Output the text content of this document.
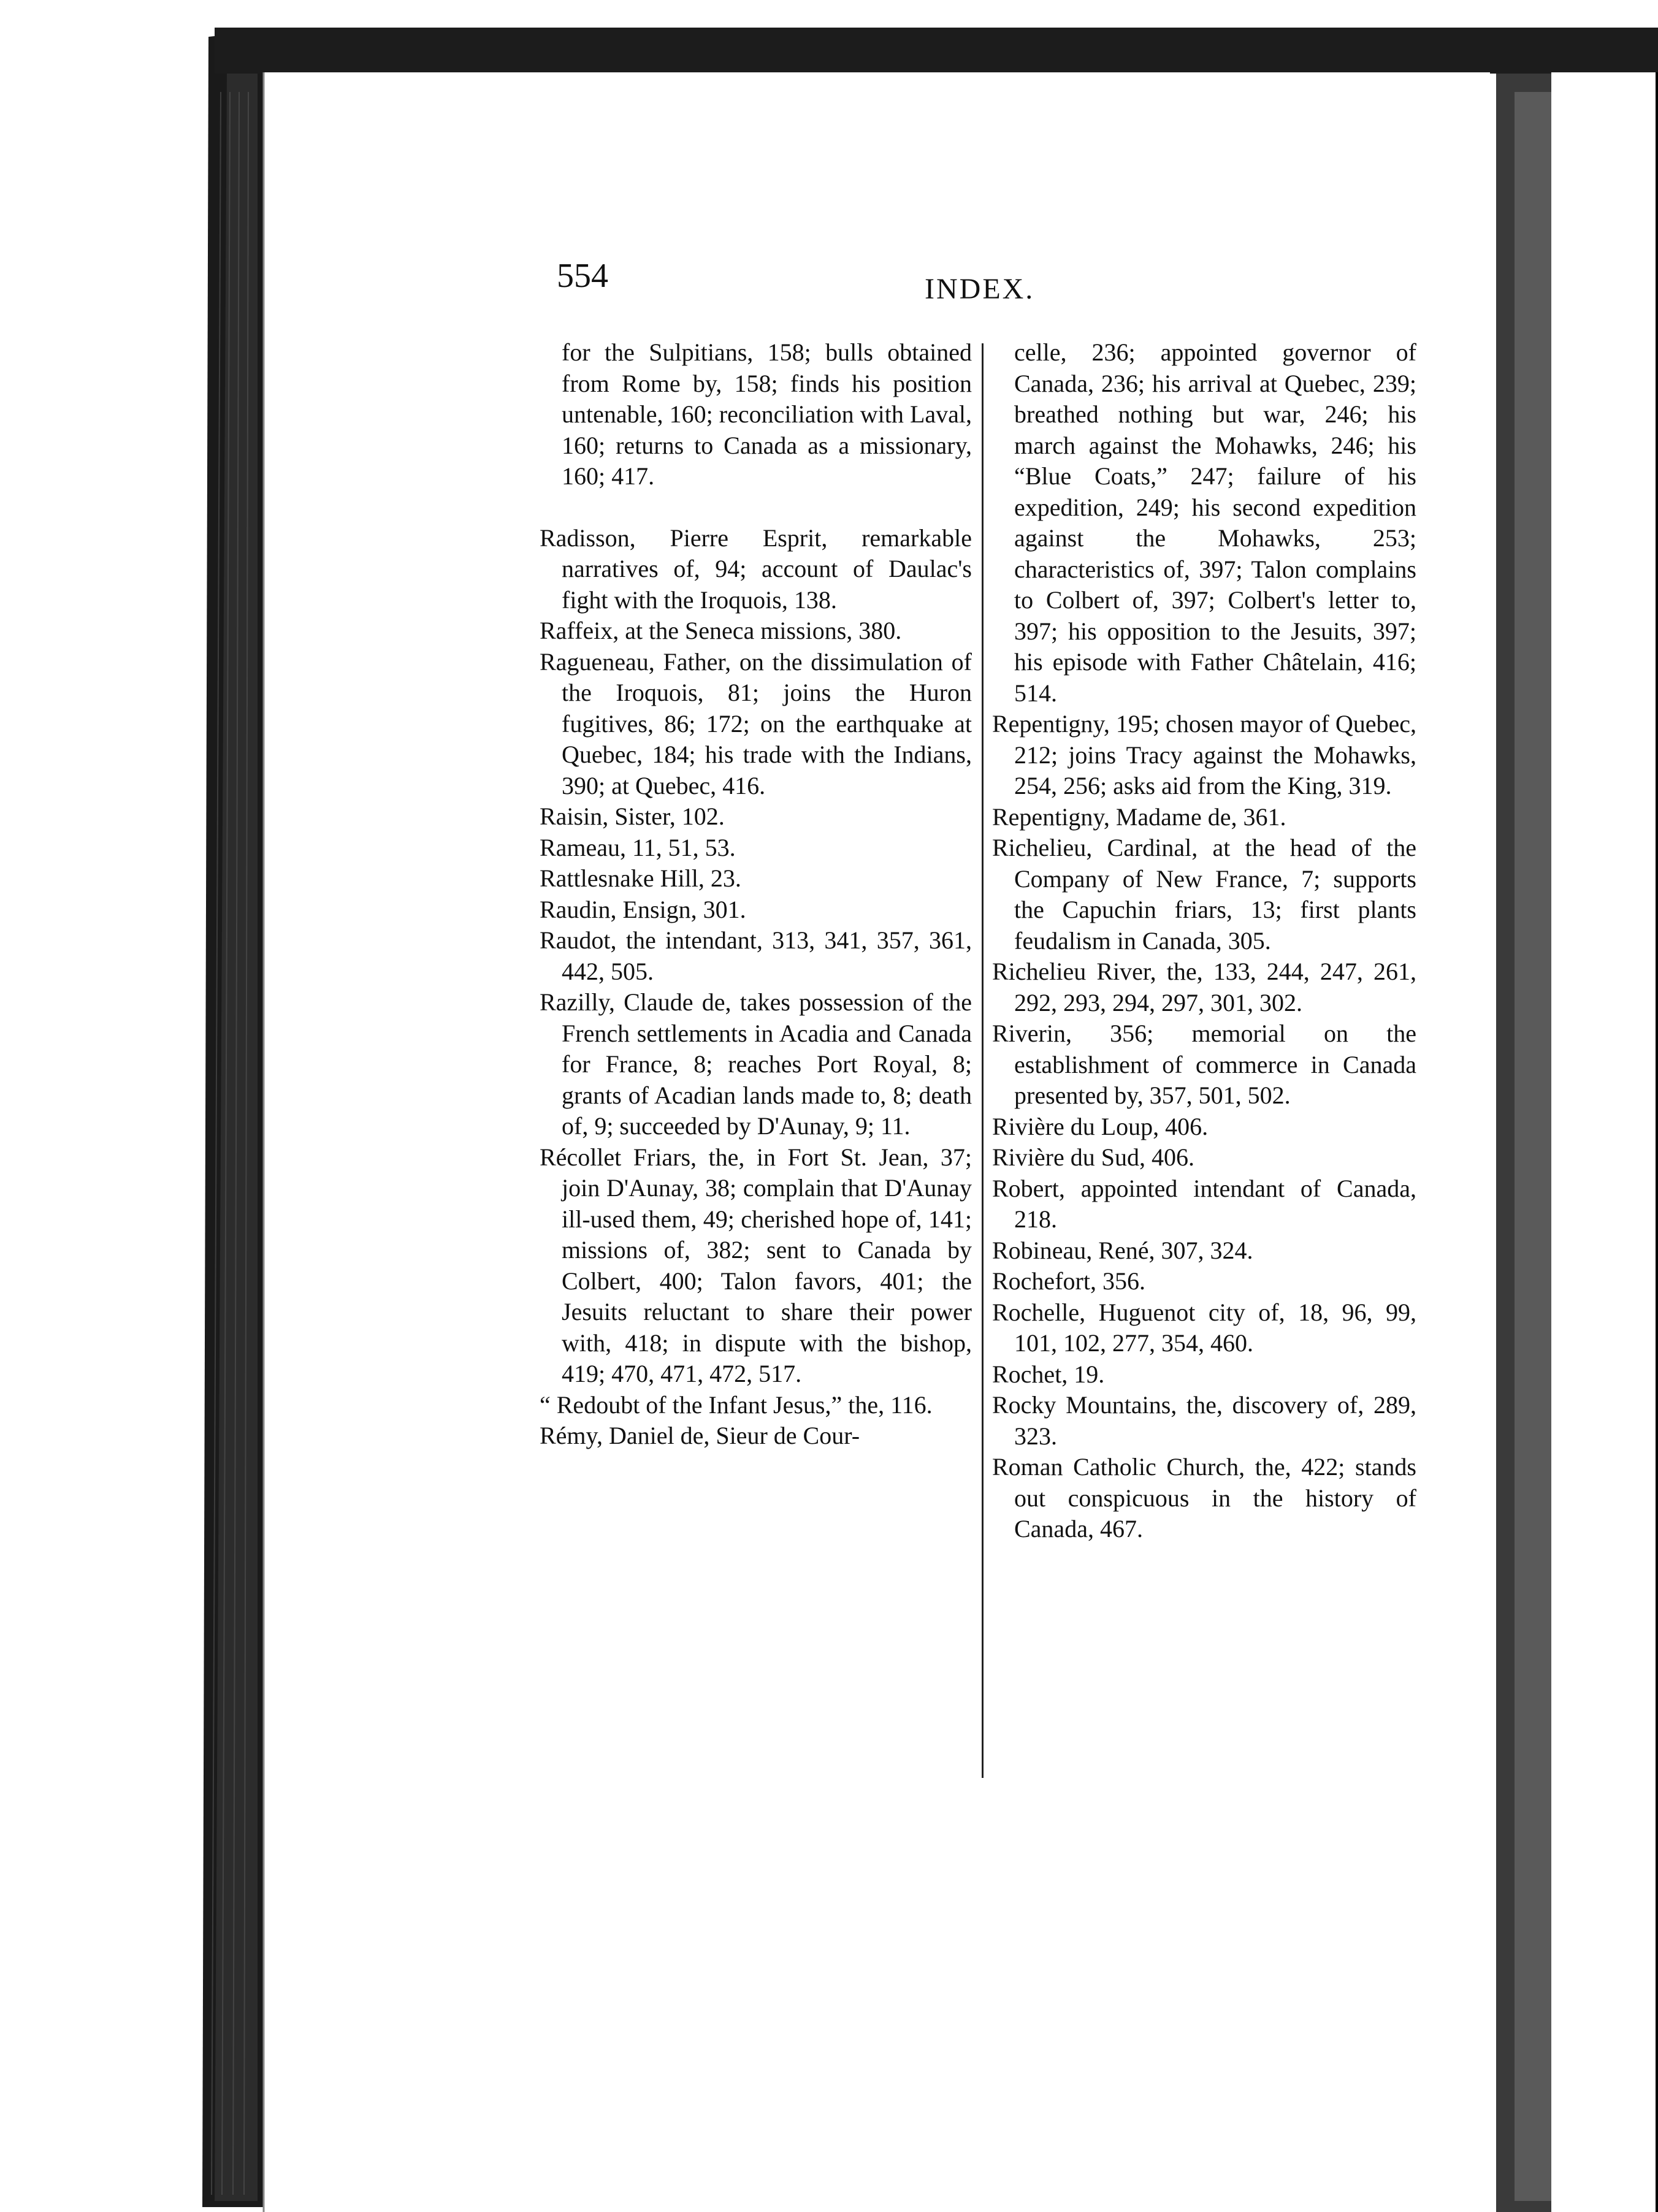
554	INDEX.

for the Sulpitians, 158; bulls obtained from Rome by, 158; finds his position untenable, 160; reconciliation with Laval, 160; returns to Canada as a missionary, 160; 417.

Radisson, Pierre Esprit, remarkable narratives of, 94; account of Daulac's fight with the Iroquois, 138.

Raffeix, at the Seneca missions, 380.

Ragueneau, Father, on the dissimulation of the Iroquois, 81; joins the Huron fugitives, 86; 172; on the earthquake at Quebec, 184; his trade with the Indians, 390; at Quebec, 416.

Raisin, Sister, 102.

Rameau, 11, 51, 53.

Rattlesnake Hill, 23.

Raudin, Ensign, 301.

Raudot, the intendant, 313, 341, 357, 361, 442, 505.

Razilly, Claude de, takes possession of the French settlements in Acadia and Canada for France, 8; reaches Port Royal, 8; grants of Acadian lands made to, 8; death of, 9; succeeded by D'Aunay, 9; 11.

Récollet Friars, the, in Fort St. Jean, 37; join D'Aunay, 38; complain that D'Aunay ill-used them, 49; cherished hope of, 141; missions of, 382; sent to Canada by Colbert, 400; Talon favors, 401; the Jesuits reluctant to share their power with, 418; in dispute with the bishop, 419; 470, 471, 472, 517.

“ Redoubt of the Infant Jesus,” the, 116.

Rémy, Daniel de, Sieur de Cour-

celle, 236; appointed governor of Canada, 236; his arrival at Quebec, 239; breathed nothing but war, 246; his march against the Mohawks, 246; his “Blue Coats,” 247; failure of his expedition, 249; his second expedition against the Mohawks, 253; characteristics of, 397; Talon complains to Colbert of, 397; Colbert's letter to, 397; his opposition to the Jesuits, 397; his episode with Father Châtelain, 416; 514.

Repentigny, 195; chosen mayor of Quebec, 212; joins Tracy against the Mohawks, 254, 256; asks aid from the King, 319.

Repentigny, Madame de, 361.

Richelieu, Cardinal, at the head of the Company of New France, 7; supports the Capuchin friars, 13; first plants feudalism in Canada, 305.

Richelieu River, the, 133, 244, 247, 261, 292, 293, 294, 297, 301, 302.

Riverin, 356; memorial on the establishment of commerce in Canada presented by, 357, 501, 502.

Rivière du Loup, 406.

Rivière du Sud, 406.

Robert, appointed intendant of Canada, 218.

Robineau, René, 307, 324.

Rochefort, 356.

Rochelle, Huguenot city of, 18, 96, 99, 101, 102, 277, 354, 460.

Rochet, 19.

Rocky Mountains, the, discovery of, 289, 323.

Roman Catholic Church, the, 422; stands out conspicuous in the history of Canada, 467.
